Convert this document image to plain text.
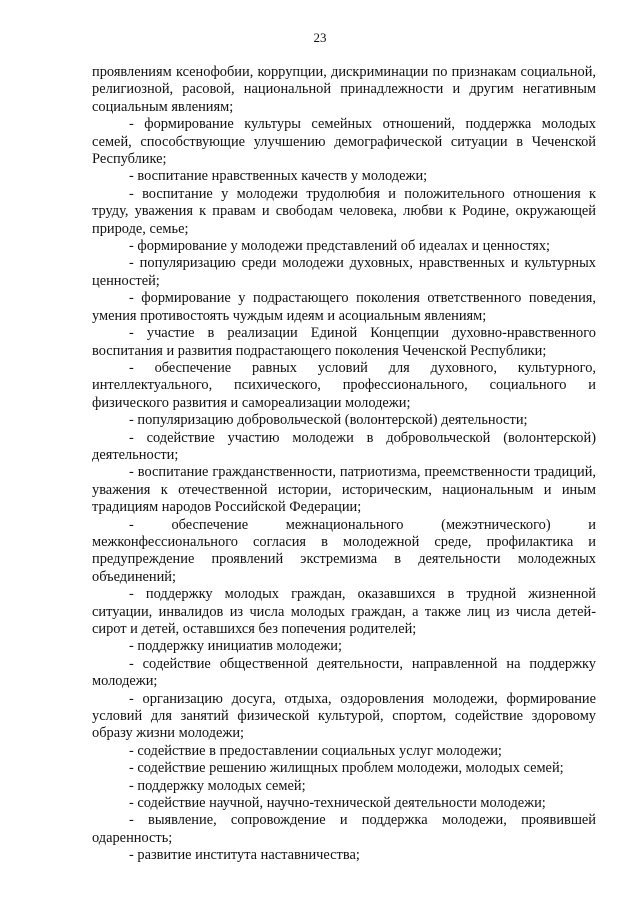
23

проявлениям ксенофобии, коррупции, дискриминации по признакам социальной, религиозной, расовой, национальной принадлежности и другим негативным социальным явлениям;

- формирование культуры семейных отношений, поддержка молодых семей, способствующие улучшению демографической ситуации в Чеченской Республике;

- воспитание нравственных качеств у молодежи;

- воспитание у молодежи трудолюбия и положительного отношения к труду, уважения к правам и свободам человека, любви к Родине, окружающей природе, семье;

- формирование у молодежи представлений об идеалах и ценностях;

- популяризацию среди молодежи духовных, нравственных и культурных ценностей;

- формирование у подрастающего поколения ответственного поведения, умения противостоять чуждым идеям и асоциальным явлениям;

- участие в реализации Единой Концепции духовно-нравственного воспитания и развития подрастающего поколения Чеченской Республики;

- обеспечение равных условий для духовного, культурного, интеллектуального, психического, профессионального, социального и физического развития и самореализации молодежи;

- популяризацию добровольческой (волонтерской) деятельности;

- содействие участию молодежи в добровольческой (волонтерской) деятельности;

- воспитание гражданственности, патриотизма, преемственности традиций, уважения к отечественной истории, историческим, национальным и иным традициям народов Российской Федерации;

- обеспечение межнационального (межэтнического) и межконфессионального согласия в молодежной среде, профилактика и предупреждение проявлений экстремизма в деятельности молодежных объединений;

- поддержку молодых граждан, оказавшихся в трудной жизненной ситуации, инвалидов из числа молодых граждан, а также лиц из числа детей-сирот и детей, оставшихся без попечения родителей;

- поддержку инициатив молодежи;

- содействие общественной деятельности, направленной на поддержку молодежи;

- организацию досуга, отдыха, оздоровления молодежи, формирование условий для занятий физической культурой, спортом, содействие здоровому образу жизни молодежи;

- содействие в предоставлении социальных услуг молодежи;

- содействие решению жилищных проблем молодежи, молодых семей;

- поддержку молодых семей;

- содействие научной, научно-технической деятельности молодежи;

- выявление, сопровождение и поддержка молодежи, проявившей одаренность;

- развитие института наставничества;
